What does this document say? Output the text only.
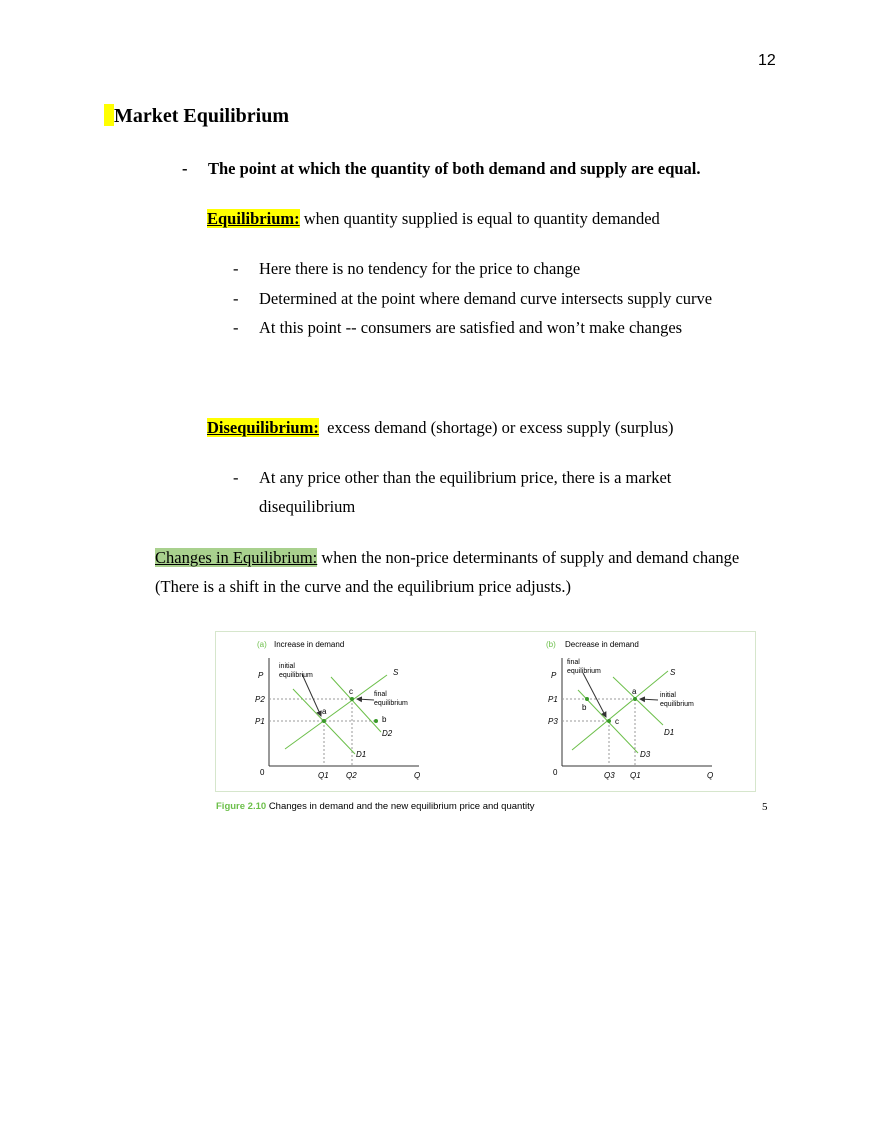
12
Market Equilibrium
- The point at which the quantity of both demand and supply are equal.
Equilibrium: when quantity supplied is equal to quantity demanded
- Here there is no tendency for the price to change
- Determined at the point where demand curve intersects supply curve
- At this point -- consumers are satisfied and won’t make changes
Disequilibrium: excess demand (shortage) or excess supply (surplus)
- At any price other than the equilibrium price, there is a market
disequilibrium
Changes in Equilibrium: when the non-price determinants of supply and demand change
(There is a shift in the curve and the equilibrium price adjusts.)
(a) Increase in demand
P
P2
P1
0	Q1 Q2	Q
S
D1
D2
a
b
c
initial
equilibrium
final
equilibrium
(b) Decrease in demand
P
P1
P3
0	Q3 Q1	Q
S
D1
D3
a
b
c
final
equilibrium
initial
equilibrium
Figure 2.10 Changes in demand and the new equilibrium price and quantity	5
